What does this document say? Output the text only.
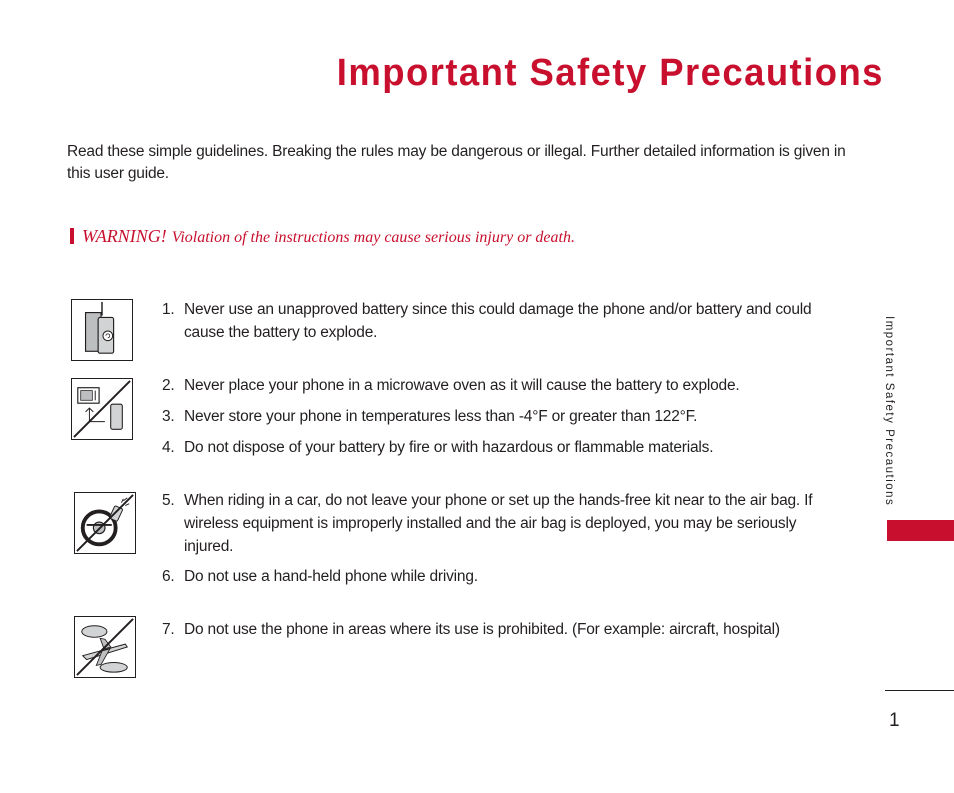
Important Safety Precautions

Read these simple guidelines. Breaking the rules may be dangerous or illegal. Further detailed information is given in this user guide.

WARNING! Violation of the instructions may cause serious injury or death.

1. Never use an unapproved battery since this could damage the phone and/or battery and could cause the battery to explode.

2. Never place your phone in a microwave oven as it will cause the battery to explode.

3. Never store your phone in temperatures less than -4°F or greater than 122°F.

4. Do not dispose of your battery by fire or with hazardous or flammable materials.

5. When riding in a car, do not leave your phone or set up the hands-free kit near to the air bag. If wireless equipment is improperly installed and the air bag is deployed, you may be seriously injured.

6. Do not use a hand-held phone while driving.

7. Do not use the phone in areas where its use is prohibited. (For example: aircraft, hospital)

Important Safety Precautions
1
